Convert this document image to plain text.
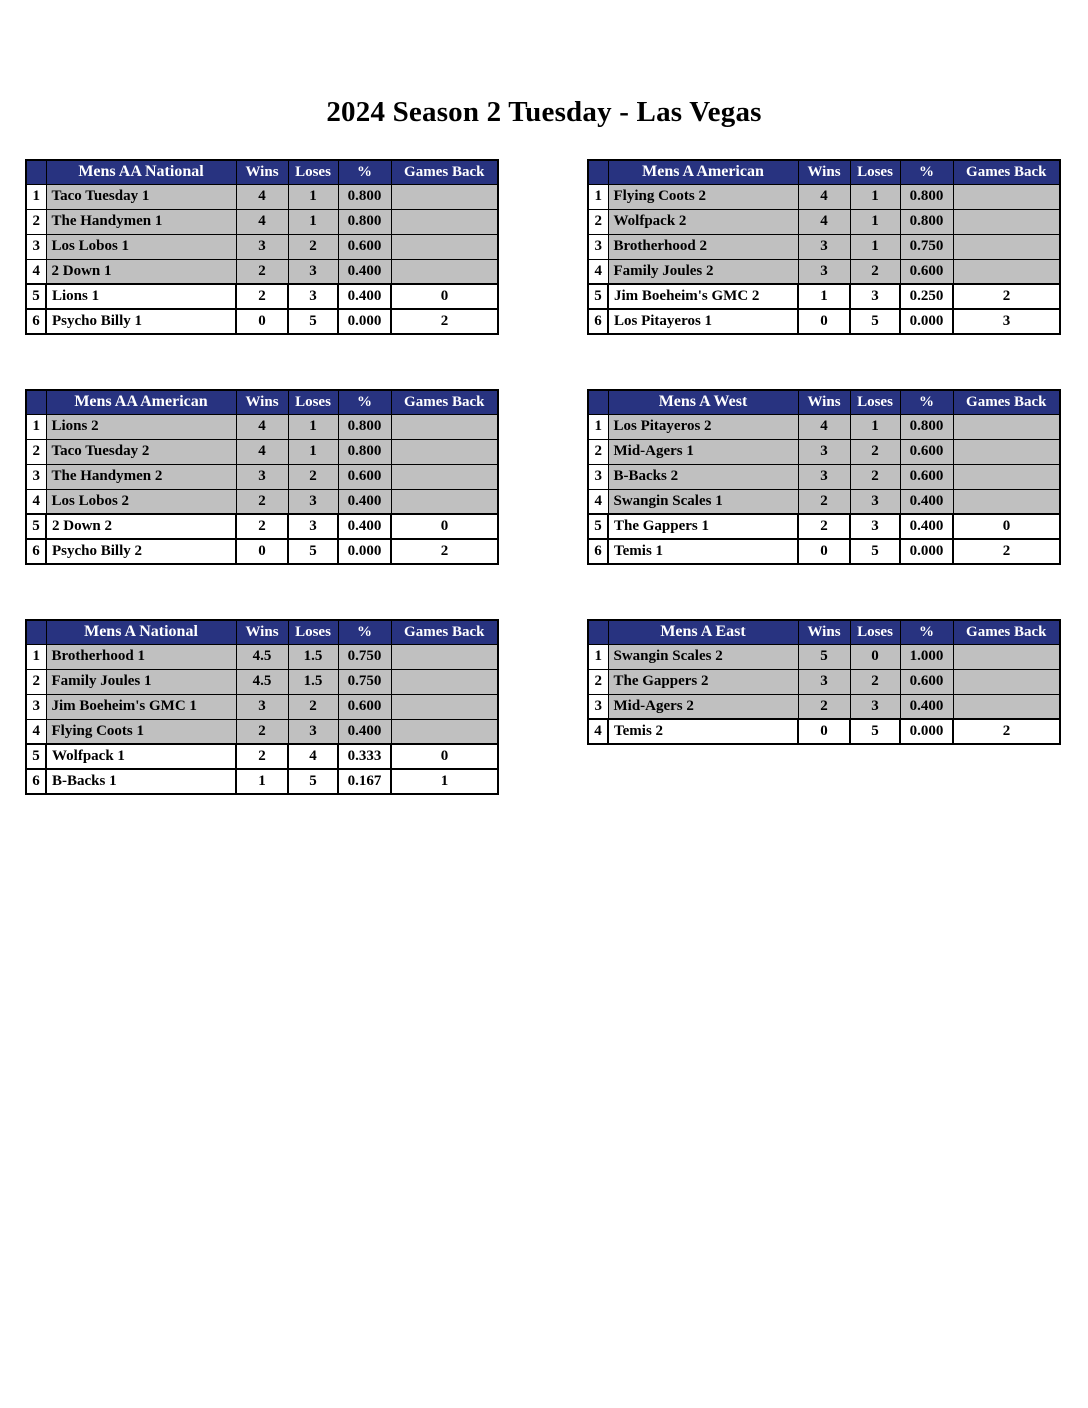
2024 Season 2 Tuesday - Las Vegas
	Mens AA National	Wins	Loses	%	Games Back
1	Taco Tuesday 1	4	1	0.800	
2	The Handymen 1	4	1	0.800	
3	Los Lobos 1	3	2	0.600	
4	2 Down 1	2	3	0.400	
5	Lions 1	2	3	0.400	0
6	Psycho Billy 1	0	5	0.000	2
	Mens A American	Wins	Loses	%	Games Back
1	Flying Coots 2	4	1	0.800	
2	Wolfpack 2	4	1	0.800	
3	Brotherhood 2	3	1	0.750	
4	Family Joules 2	3	2	0.600	
5	Jim Boeheim's GMC 2	1	3	0.250	2
6	Los Pitayeros 1	0	5	0.000	3
	Mens AA American	Wins	Loses	%	Games Back
1	Lions 2	4	1	0.800	
2	Taco Tuesday 2	4	1	0.800	
3	The Handymen 2	3	2	0.600	
4	Los Lobos 2	2	3	0.400	
5	2 Down 2	2	3	0.400	0
6	Psycho Billy 2	0	5	0.000	2
	Mens A West	Wins	Loses	%	Games Back
1	Los Pitayeros 2	4	1	0.800	
2	Mid-Agers 1	3	2	0.600	
3	B-Backs 2	3	2	0.600	
4	Swangin Scales 1	2	3	0.400	
5	The Gappers 1	2	3	0.400	0
6	Temis 1	0	5	0.000	2
	Mens A National	Wins	Loses	%	Games Back
1	Brotherhood 1	4.5	1.5	0.750	
2	Family Joules 1	4.5	1.5	0.750	
3	Jim Boeheim's GMC 1	3	2	0.600	
4	Flying Coots 1	2	3	0.400	
5	Wolfpack 1	2	4	0.333	0
6	B-Backs 1	1	5	0.167	1
	Mens A East	Wins	Loses	%	Games Back
1	Swangin Scales 2	5	0	1.000	
2	The Gappers 2	3	2	0.600	
3	Mid-Agers 2	2	3	0.400	
4	Temis 2	0	5	0.000	2
